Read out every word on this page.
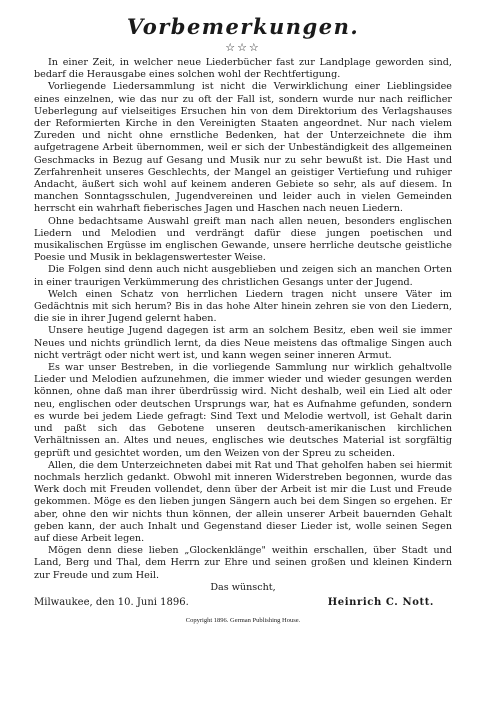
Vorbemerkungen.
☆☆☆

In einer Zeit, in welcher neue Liederbücher fast zur Landplage geworden sind, bedarf die Herausgabe eines solchen wohl der Rechtfertigung.

Vorliegende Liedersammlung ist nicht die Verwirklichung einer Lieblingsidee eines einzelnen, wie das nur zu oft der Fall ist, sondern wurde nur nach reiflicher Ueberlegung auf vielseitiges Ersuchen hin von dem Direktorium des Verlagshauses der Reformierten Kirche in den Vereinigten Staaten angeordnet. Nur nach vielem Zureden und nicht ohne ernstliche Bedenken, hat der Unterzeichnete die ihm aufgetragene Arbeit übernommen, weil er sich der Unbeständigkeit des allgemeinen Geschmacks in Bezug auf Gesang und Musik nur zu sehr bewußt ist. Die Hast und Zerfahrenheit unseres Geschlechts, der Mangel an geistiger Vertiefung und ruhiger Andacht, äußert sich wohl auf keinem anderen Gebiete so sehr, als auf diesem. In manchen Sonntagsschulen, Jugendvereinen und leider auch in vielen Gemeinden herrscht ein wahrhaft fieberisches Jagen und Haschen nach neuen Liedern.

Ohne bedachtsame Auswahl greift man nach allen neuen, besonders englischen Liedern und Melodien und verdrängt dafür diese jungen poetischen und musikalischen Ergüsse im englischen Gewande, unsere herrliche deutsche geistliche Poesie und Musik in beklagenswertester Weise.

Die Folgen sind denn auch nicht ausgeblieben und zeigen sich an manchen Orten in einer traurigen Verkümmerung des christlichen Gesangs unter der Jugend.

Welch einen Schatz von herrlichen Liedern tragen nicht unsere Väter im Gedächtnis mit sich herum? Bis in das hohe Alter hinein zehren sie von den Liedern, die sie in ihrer Jugend gelernt haben.

Unsere heutige Jugend dagegen ist arm an solchem Besitz, eben weil sie immer Neues und nichts gründlich lernt, da dies Neue meistens das oftmalige Singen auch nicht verträgt oder nicht wert ist, und kann wegen seiner inneren Armut.

Es war unser Bestreben, in die vorliegende Sammlung nur wirklich gehaltvolle Lieder und Melodien aufzunehmen, die immer wieder und wieder gesungen werden können, ohne daß man ihrer überdrüssig wird. Nicht deshalb, weil ein Lied alt oder neu, englischen oder deutschen Ursprungs war, hat es Aufnahme gefunden, sondern es wurde bei jedem Liede gefragt: Sind Text und Melodie wertvoll, ist Gehalt darin und paßt sich das Gebotene unseren deutsch-amerikanischen kirchlichen Verhältnissen an. Altes und neues, englisches wie deutsches Material ist sorgfältig geprüft und gesichtet worden, um den Weizen von der Spreu zu scheiden.

Allen, die dem Unterzeichneten dabei mit Rat und That geholfen haben sei hiermit nochmals herzlich gedankt. Obwohl mit inneren Widerstreben begonnen, wurde das Werk doch mit Freuden vollendet, denn über der Arbeit ist mir die Lust und Freude gekommen. Möge es den lieben jungen Sängern auch bei dem Singen so ergehen. Er aber, ohne den wir nichts thun können, der allein unserer Arbeit bauernden Gehalt geben kann, der auch Inhalt und Gegenstand dieser Lieder ist, wolle seinen Segen auf diese Arbeit legen.

Mögen denn diese lieben „Glockenklänge" weithin erschallen, über Stadt und Land, Berg und Thal, dem Herrn zur Ehre und seinen großen und kleinen Kindern zur Freude und zum Heil.

Das wünscht,
Milwaukee, den 10. Juni 1896.	Heinrich C. Nott.
Copyright 1896. German Publishing House.
